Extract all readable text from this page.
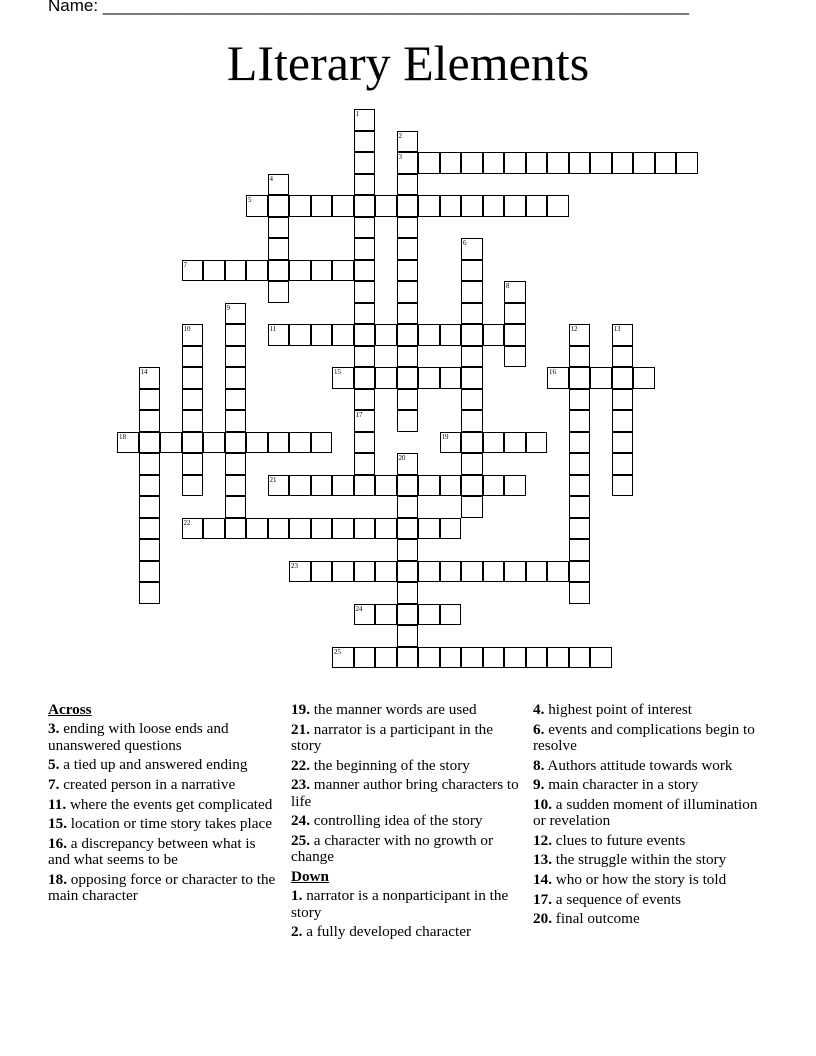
Name: ______________________________________________________________
LIterary Elements
1
17
2
3
4
5
6
7
8
9
10	11	12	13
14	15	16
18	19
20
21
22
23
24
25
Across
3. ending with loose ends and unanswered questions
5. a tied up and answered ending
7. created person in a narrative
11. where the events get complicated
15. location or time story takes place
16. a discrepancy between what is and what seems to be
18. opposing force or character to the main character
19. the manner words are used
21. narrator is a participant in the story
22. the beginning of the story
23. manner author bring characters to life
24. controlling idea of the story
25. a character with no growth or change
Down
1. narrator is a nonparticipant in the story
2. a fully developed character
4. highest point of interest
6. events and complications begin to resolve
8. Authors attitude towards work
9. main character in a story
10. a sudden moment of illumination or revelation
12. clues to future events
13. the struggle within the story
14. who or how the story is told
17. a sequence of events
20. final outcome
